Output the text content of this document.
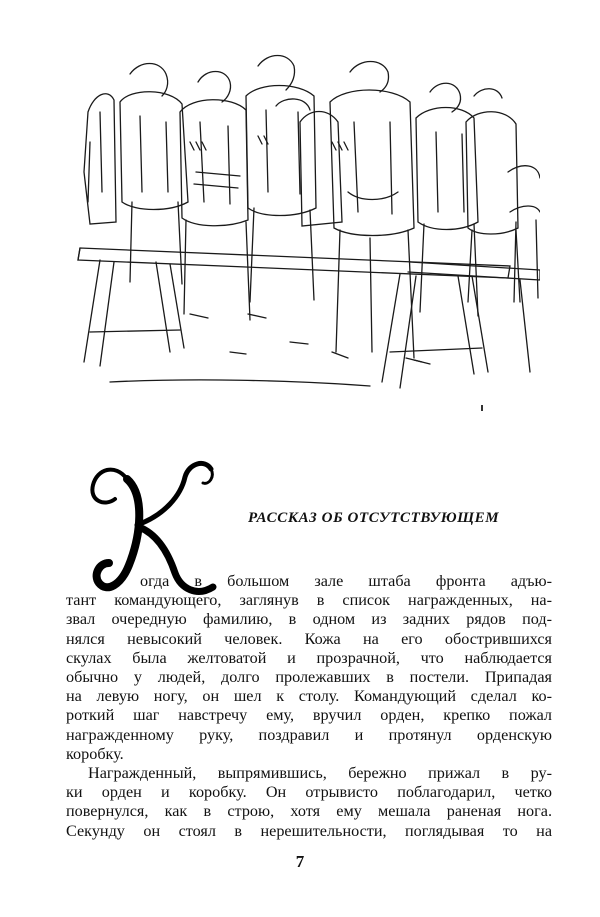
РАССКАЗ ОБ ОТСУТСТВУЮЩЕМ
огда в большом зале штаба фронта адъю-
тант командующего, заглянув в список награжденных, на-
звал очередную фамилию, в одном из задних рядов под-
нялся невысокий человек. Кожа на его обострившихся
скулах была желтоватой и прозрачной, что наблюдается
обычно у людей, долго пролежавших в постели. Припадая
на левую ногу, он шел к столу. Командующий сделал ко-
роткий шаг навстречу ему, вручил орден, крепко пожал
награжденному руку, поздравил и протянул орденскую
коробку.
Награжденный, выпрямившись, бережно прижал в ру-
ки орден и коробку. Он отрывисто поблагодарил, четко
повернулся, как в строю, хотя ему мешала раненая нога.
Секунду он стоял в нерешительности, поглядывая то на
7
